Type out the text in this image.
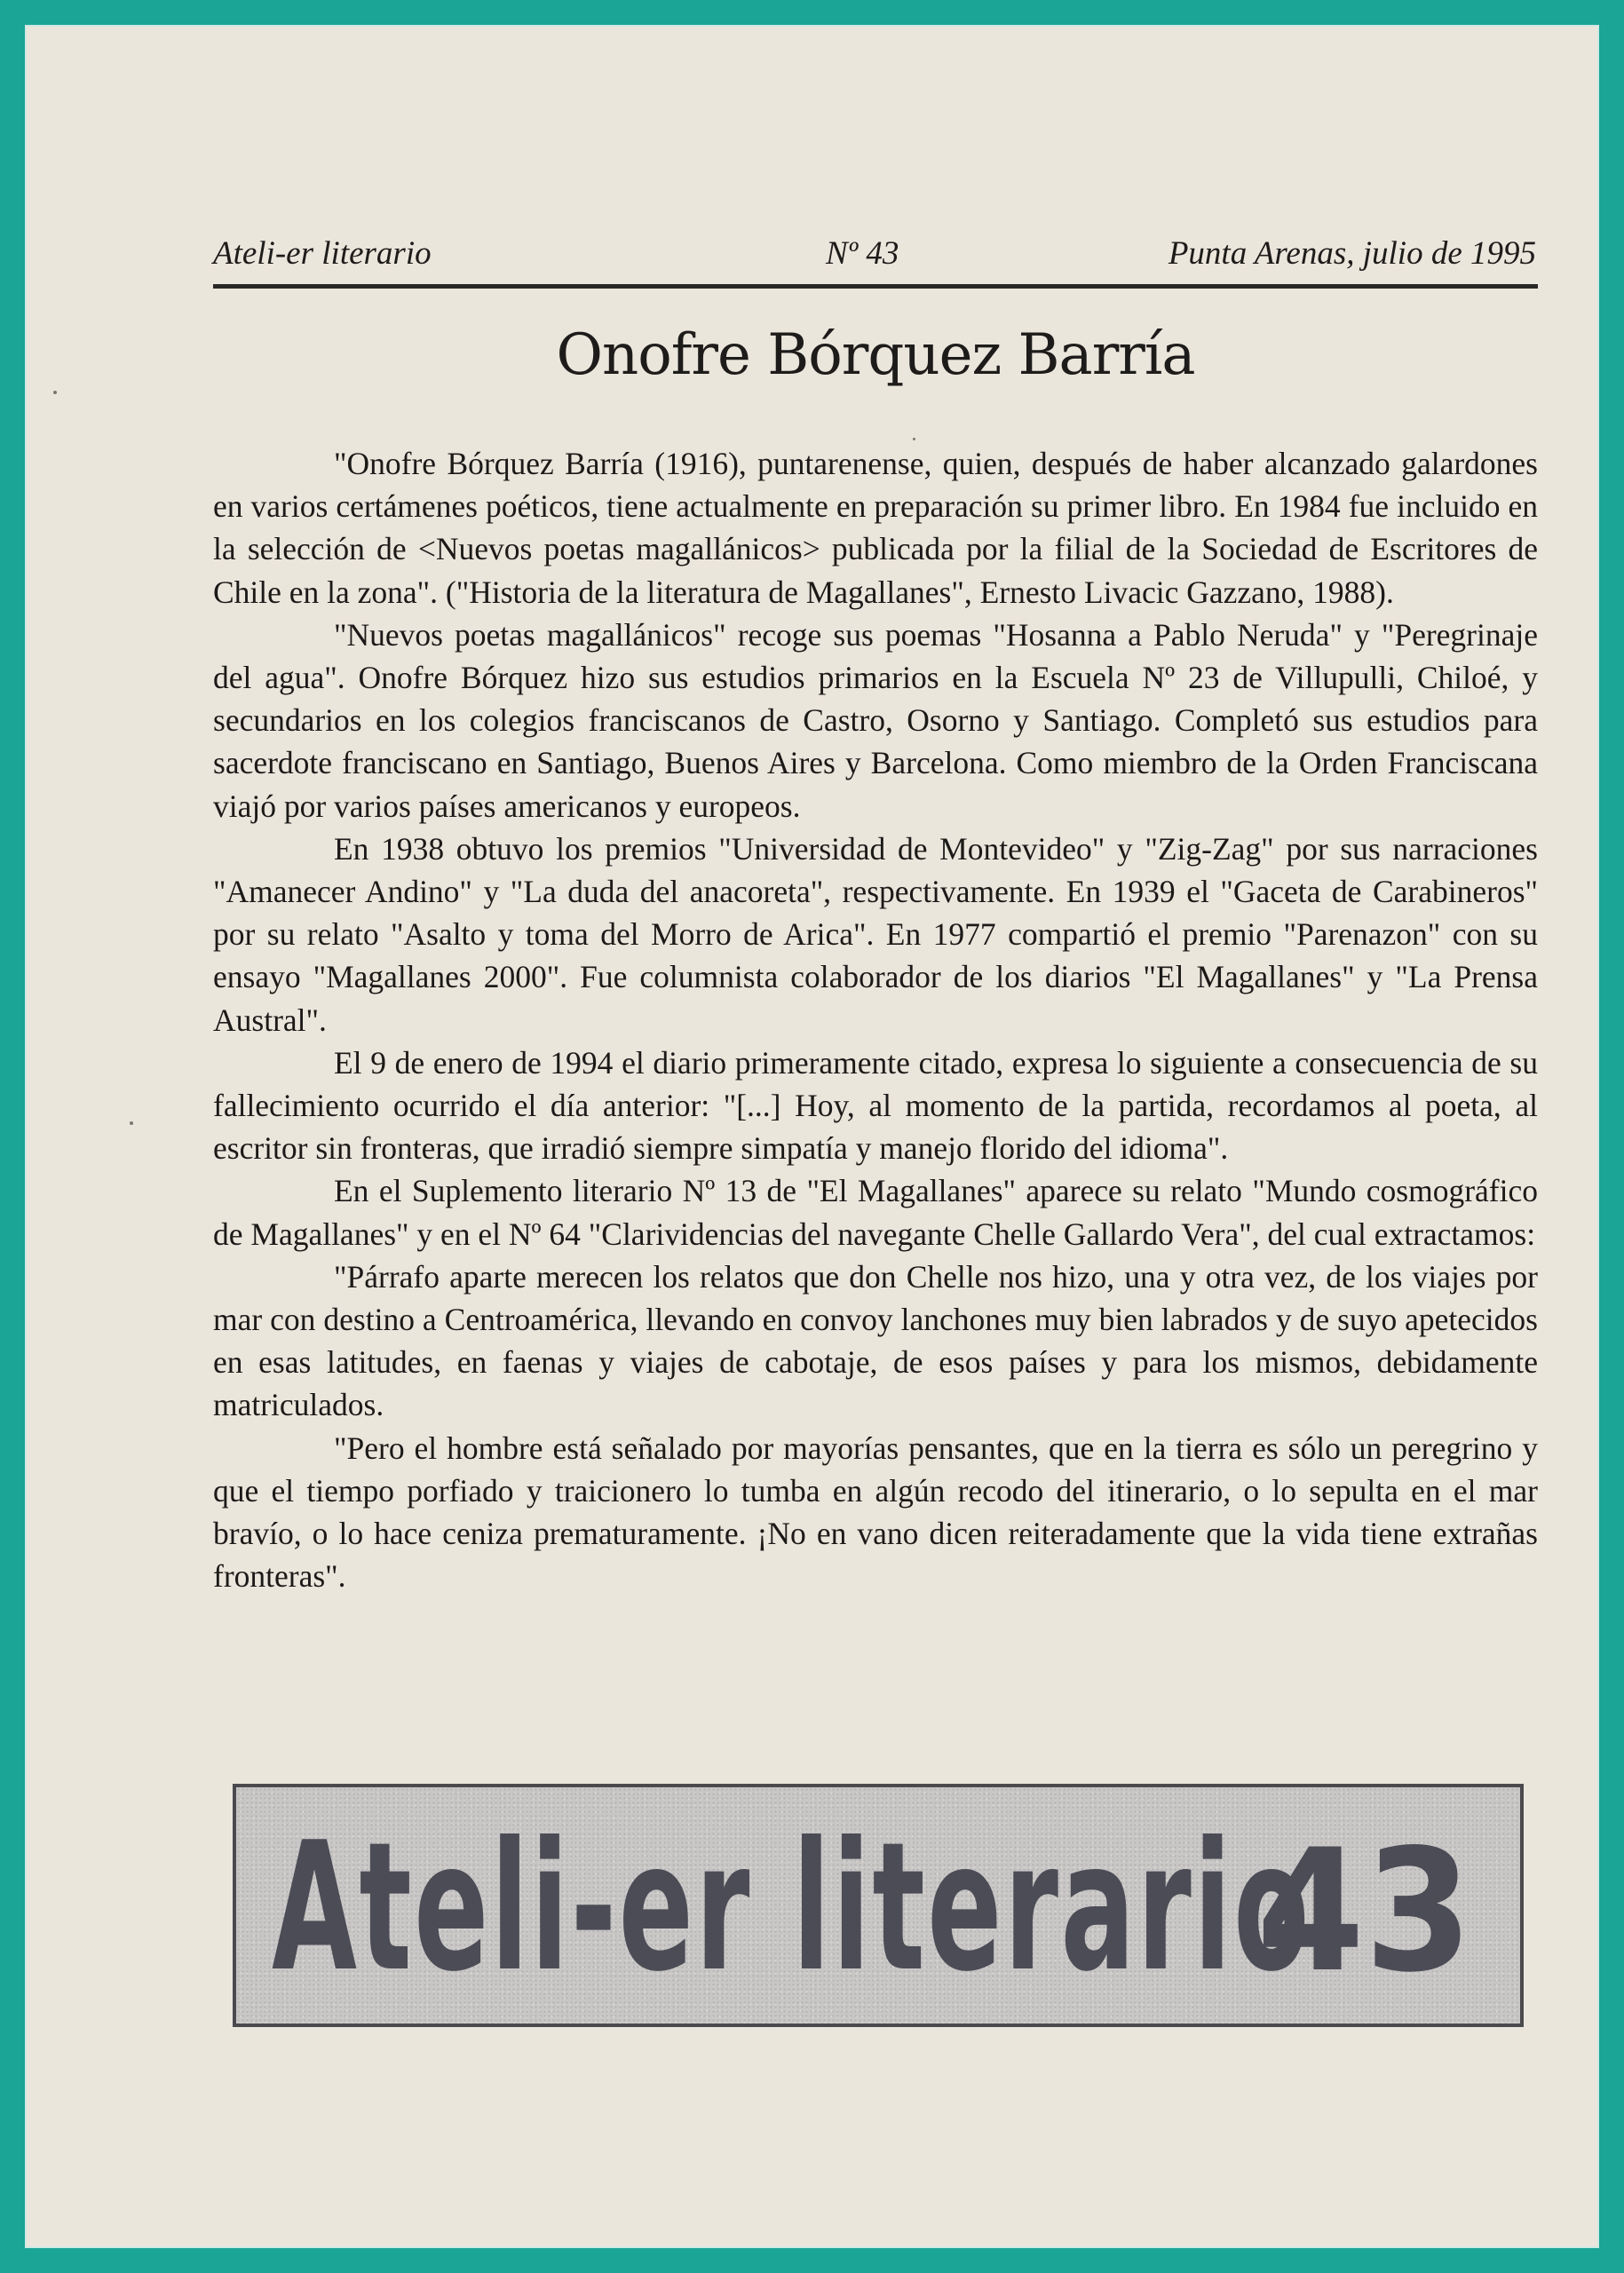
Ateli-er literario	Nº 43	Punta Arenas, julio de 1995
Onofre Bórquez Barría

"Onofre Bórquez Barría (1916), puntarenense, quien, después de haber alcanzado galardones en varios certámenes poéticos, tiene actualmente en preparación su primer libro. En 1984 fue incluido en la selección de <Nuevos poetas magallánicos> publicada por la filial de la Sociedad de Escritores de Chile en la zona". ("Historia de la literatura de Magallanes", Ernesto Livacic Gazzano, 1988).

"Nuevos poetas magallánicos" recoge sus poemas "Hosanna a Pablo Neruda" y "Peregrinaje del agua". Onofre Bórquez hizo sus estudios primarios en la Escuela Nº 23 de Villupulli, Chiloé, y secundarios en los colegios franciscanos de Castro, Osorno y Santiago. Completó sus estudios para sacerdote franciscano en Santiago, Buenos Aires y Barcelona. Como miembro de la Orden Franciscana viajó por varios países americanos y europeos.

En 1938 obtuvo los premios "Universidad de Montevideo" y "Zig-Zag" por sus narraciones "Amanecer Andino" y "La duda del anacoreta", respectivamente. En 1939 el "Gaceta de Carabineros" por su relato "Asalto y toma del Morro de Arica". En 1977 compartió el premio "Parenazon" con su ensayo "Magallanes 2000". Fue columnista colaborador de los diarios "El Magallanes" y "La Prensa Austral".

El 9 de enero de 1994 el diario primeramente citado, expresa lo siguiente a consecuencia de su fallecimiento ocurrido el día anterior: "[...] Hoy, al momento de la partida, recordamos al poeta, al escritor sin fronteras, que irradió siempre simpatía y manejo florido del idioma".

En el Suplemento literario Nº 13 de "El Magallanes" aparece su relato "Mundo cosmográfico de Magallanes" y en el Nº 64 "Clarividencias del navegante Chelle Gallardo Vera", del cual extractamos:

"Párrafo aparte merecen los relatos que don Chelle nos hizo, una y otra vez, de los viajes por mar con destino a Centroamérica, llevando en convoy lanchones muy bien labrados y de suyo apetecidos en esas latitudes, en faenas y viajes de cabotaje, de esos países y para los mismos, debidamente matriculados.

"Pero el hombre está señalado por mayorías pensantes, que en la tierra es sólo un peregrino y que el tiempo porfiado y traicionero lo tumba en algún recodo del itinerario, o lo sepulta en el mar bravío, o lo hace ceniza prematuramente. ¡No en vano dicen reiteradamente que la vida tiene extrañas fronteras".

Ateli-er literario
43
